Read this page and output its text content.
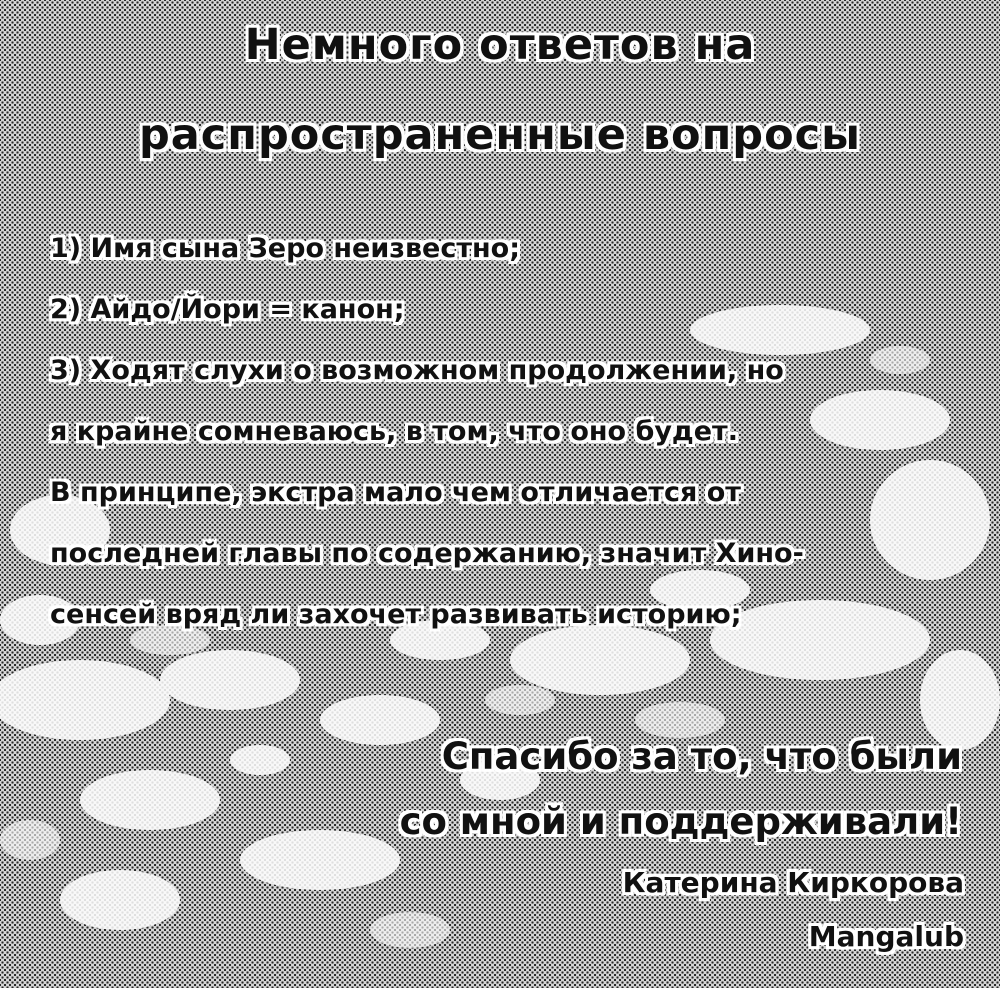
Немного ответов на
распространенные вопросы
1) Имя сына Зеро неизвестно;
2) Айдо/Йори = канон;
3) Ходят слухи о возможном продолжении, но
я крайне сомневаюсь, в том, что оно будет.
В принципе, экстра мало чем отличается от
последней главы по содержанию, значит Хино-
сенсей вряд ли захочет развивать историю;
Спасибо за то, что были
со мной и поддерживали!
Катерина Киркорова
Mangalub
